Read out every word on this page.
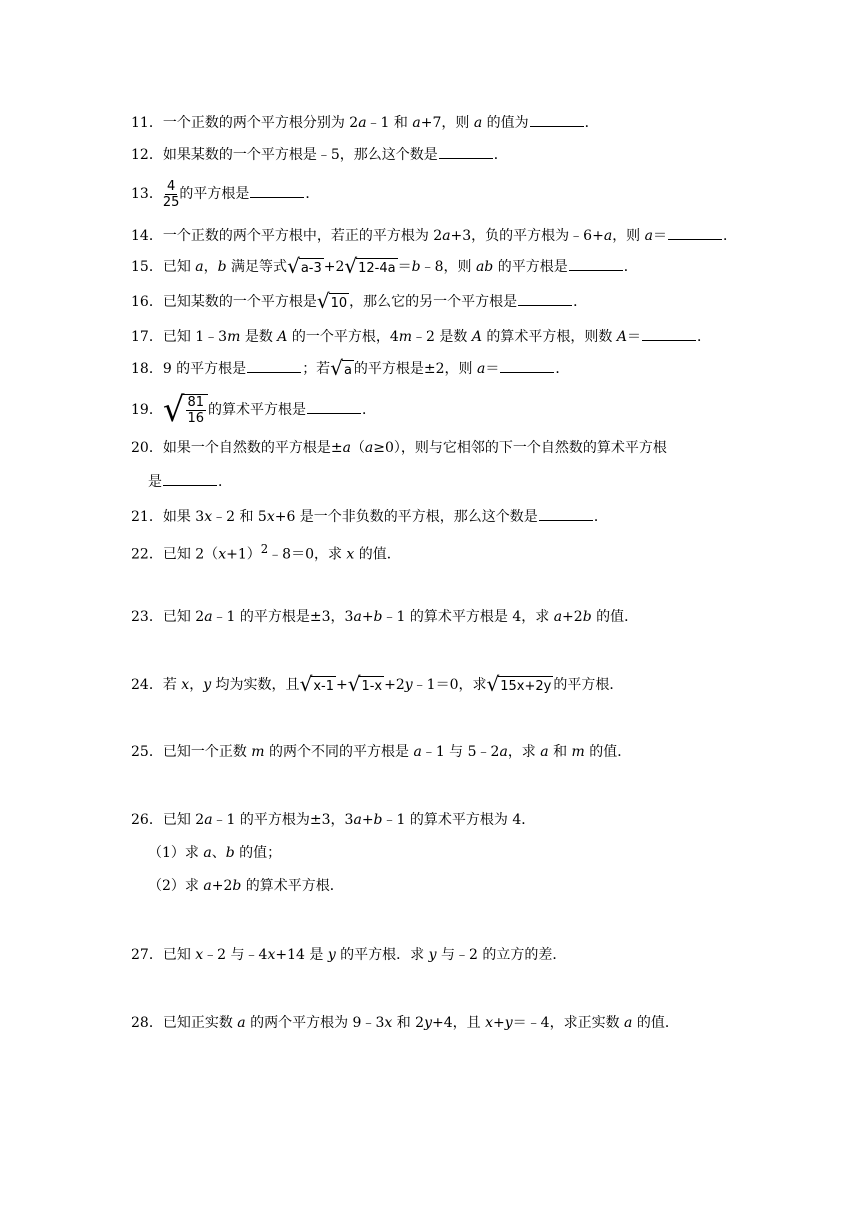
11．一个正数的两个平方根分别为 2a﹣1 和 a+7，则 a 的值为	．
12．如果某数的一个平方根是﹣5，那么这个数是	．
13． $\frac{4}{25}$ 的平方根是	．
14．一个正数的两个平方根中，若正的平方根为 2a+3，负的平方根为﹣6+a，则 a＝	．
15．已知 a，b 满足等式 √ a-3 +2 √ 12-4a ＝b﹣8，则 ab 的平方根是	．
16．已知某数的一个平方根是 √ 10 ，那么它的另一个平方根是	．
17．已知 1﹣3m 是数 A 的一个平方根，4m﹣2 是数 A 的算术平方根，则数 A＝	．
18．9 的平方根是	；若 √ a 的平方根是±2，则 a＝	．
19． √ $\frac{81}{16}$ 的算术平方根是	．
20．如果一个自然数的平方根是±a（a≥0），则与它相邻的下一个自然数的算术平方根
是	．
21．如果 3x﹣2 和 5x+6 是一个非负数的平方根，那么这个数是	．
22．已知 $2(x+1)^2﹣8=0$，求 x 的值．
23．已知 2a﹣1 的平方根是±3，3a+b﹣1 的算术平方根是 4，求 a+2b 的值．
24．若 x，y 均为实数，且 √ x-1 + √ 1-x +2y﹣1＝0，求 √ 15x+2y 的平方根．
25．已知一个正数 m 的两个不同的平方根是 a﹣1 与 5﹣2a，求 a 和 m 的值．
26．已知 2a﹣1 的平方根为±3，3a+b﹣1 的算术平方根为 4．
（1）求 a、b 的值；
（2）求 a+2b 的算术平方根．
27．已知 x﹣2 与﹣4x+14 是 y 的平方根．求 y 与﹣2 的立方的差．
28．已知正实数 a 的两个平方根为 9﹣3x 和 2y+4，且 x+y＝﹣4，求正实数 a 的值．
